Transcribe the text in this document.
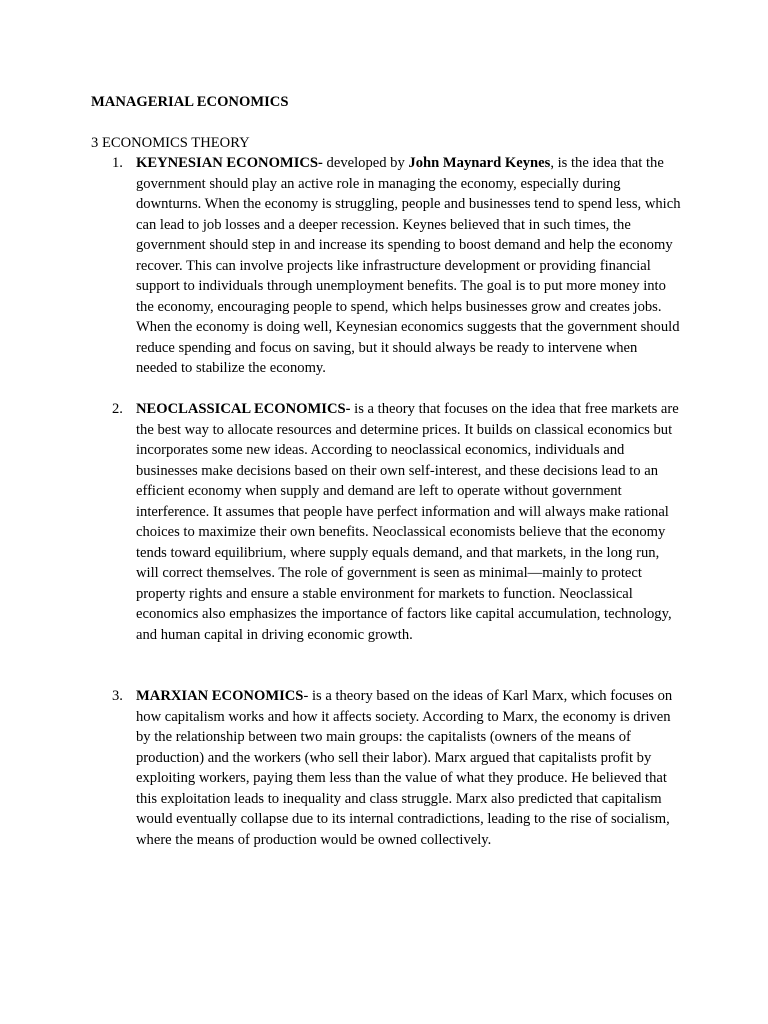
MANAGERIAL ECONOMICS
3 ECONOMICS THEORY
1. KEYNESIAN ECONOMICS- developed by John Maynard Keynes, is the idea that the government should play an active role in managing the economy, especially during downturns. When the economy is struggling, people and businesses tend to spend less, which can lead to job losses and a deeper recession. Keynes believed that in such times, the government should step in and increase its spending to boost demand and help the economy recover. This can involve projects like infrastructure development or providing financial support to individuals through unemployment benefits. The goal is to put more money into the economy, encouraging people to spend, which helps businesses grow and creates jobs. When the economy is doing well, Keynesian economics suggests that the government should reduce spending and focus on saving, but it should always be ready to intervene when needed to stabilize the economy.

2. NEOCLASSICAL ECONOMICS- is a theory that focuses on the idea that free markets are the best way to allocate resources and determine prices. It builds on classical economics but incorporates some new ideas. According to neoclassical economics, individuals and businesses make decisions based on their own self-interest, and these decisions lead to an efficient economy when supply and demand are left to operate without government interference. It assumes that people have perfect information and will always make rational choices to maximize their own benefits. Neoclassical economists believe that the economy tends toward equilibrium, where supply equals demand, and that markets, in the long run, will correct themselves. The role of government is seen as minimal—mainly to protect property rights and ensure a stable environment for markets to function. Neoclassical economics also emphasizes the importance of factors like capital accumulation, technology, and human capital in driving economic growth.

3. MARXIAN ECONOMICS- is a theory based on the ideas of Karl Marx, which focuses on how capitalism works and how it affects society. According to Marx, the economy is driven by the relationship between two main groups: the capitalists (owners of the means of production) and the workers (who sell their labor). Marx argued that capitalists profit by exploiting workers, paying them less than the value of what they produce. He believed that this exploitation leads to inequality and class struggle. Marx also predicted that capitalism would eventually collapse due to its internal contradictions, leading to the rise of socialism, where the means of production would be owned collectively.
